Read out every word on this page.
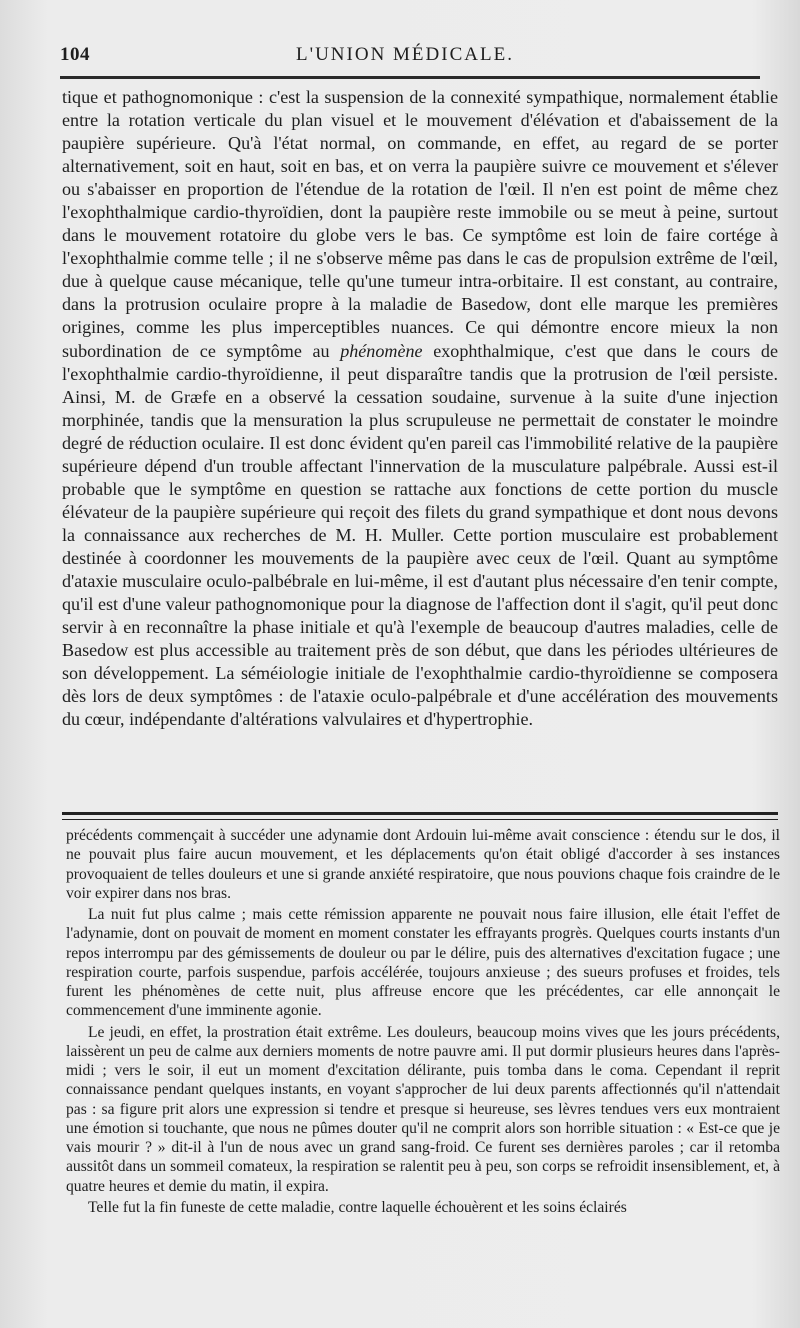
104	L'UNION MÉDICALE.

tique et pathognomonique : c'est la suspension de la connexité sympathique, normalement établie entre la rotation verticale du plan visuel et le mouvement d'élévation et d'abaissement de la paupière supérieure. Qu'à l'état normal, on commande, en effet, au regard de se porter alternativement, soit en haut, soit en bas, et on verra la paupière suivre ce mouvement et s'élever ou s'abaisser en proportion de l'étendue de la rotation de l'œil. Il n'en est point de même chez l'exophthalmique cardio-thyroïdien, dont la paupière reste immobile ou se meut à peine, surtout dans le mouvement rotatoire du globe vers le bas. Ce symptôme est loin de faire cortége à l'exophthalmie comme telle ; il ne s'observe même pas dans le cas de propulsion extrême de l'œil, due à quelque cause mécanique, telle qu'une tumeur intra-orbitaire. Il est constant, au contraire, dans la protrusion oculaire propre à la maladie de Basedow, dont elle marque les premières origines, comme les plus imperceptibles nuances. Ce qui démontre encore mieux la non subordination de ce symptôme au phénomène exophthalmique, c'est que dans le cours de l'exophthalmie cardio-thyroïdienne, il peut disparaître tandis que la protrusion de l'œil persiste. Ainsi, M. de Græfe en a observé la cessation soudaine, survenue à la suite d'une injection morphinée, tandis que la mensuration la plus scrupuleuse ne permettait de constater le moindre degré de réduction oculaire. Il est donc évident qu'en pareil cas l'immobilité relative de la paupière supérieure dépend d'un trouble affectant l'innervation de la musculature palpébrale. Aussi est-il probable que le symptôme en question se rattache aux fonctions de cette portion du muscle élévateur de la paupière supérieure qui reçoit des filets du grand sympathique et dont nous devons la connaissance aux recherches de M. H. Muller. Cette portion musculaire est probablement destinée à coordonner les mouvements de la paupière avec ceux de l'œil. Quant au symptôme d'ataxie musculaire oculo-palbébrale en lui-même, il est d'autant plus nécessaire d'en tenir compte, qu'il est d'une valeur pathognomonique pour la diagnose de l'affection dont il s'agit, qu'il peut donc servir à en reconnaître la phase initiale et qu'à l'exemple de beaucoup d'autres maladies, celle de Basedow est plus accessible au traitement près de son début, que dans les périodes ultérieures de son développement. La séméiologie initiale de l'exophthalmie cardio-thyroïdienne se composera dès lors de deux symptômes : de l'ataxie oculo-palpébrale et d'une accélération des mouvements du cœur, indépendante d'altérations valvulaires et d'hypertrophie.

précédents commençait à succéder une adynamie dont Ardouin lui-même avait conscience : étendu sur le dos, il ne pouvait plus faire aucun mouvement, et les déplacements qu'on était obligé d'accorder à ses instances provoquaient de telles douleurs et une si grande anxiété respiratoire, que nous pouvions chaque fois craindre de le voir expirer dans nos bras.

La nuit fut plus calme ; mais cette rémission apparente ne pouvait nous faire illusion, elle était l'effet de l'adynamie, dont on pouvait de moment en moment constater les effrayants progrès. Quelques courts instants d'un repos interrompu par des gémissements de douleur ou par le délire, puis des alternatives d'excitation fugace ; une respiration courte, parfois suspendue, parfois accélérée, toujours anxieuse ; des sueurs profuses et froides, tels furent les phénomènes de cette nuit, plus affreuse encore que les précédentes, car elle annonçait le commencement d'une imminente agonie.

Le jeudi, en effet, la prostration était extrême. Les douleurs, beaucoup moins vives que les jours précédents, laissèrent un peu de calme aux derniers moments de notre pauvre ami. Il put dormir plusieurs heures dans l'après-midi ; vers le soir, il eut un moment d'excitation délirante, puis tomba dans le coma. Cependant il reprit connaissance pendant quelques instants, en voyant s'approcher de lui deux parents affectionnés qu'il n'attendait pas : sa figure prit alors une expression si tendre et presque si heureuse, ses lèvres tendues vers eux montraient une émotion si touchante, que nous ne pûmes douter qu'il ne comprit alors son horrible situation : « Est-ce que je vais mourir ? » dit-il à l'un de nous avec un grand sang-froid. Ce furent ses dernières paroles ; car il retomba aussitôt dans un sommeil comateux, la respiration se ralentit peu à peu, son corps se refroidit insensiblement, et, à quatre heures et demie du matin, il expira.

Telle fut la fin funeste de cette maladie, contre laquelle échouèrent et les soins éclairés
